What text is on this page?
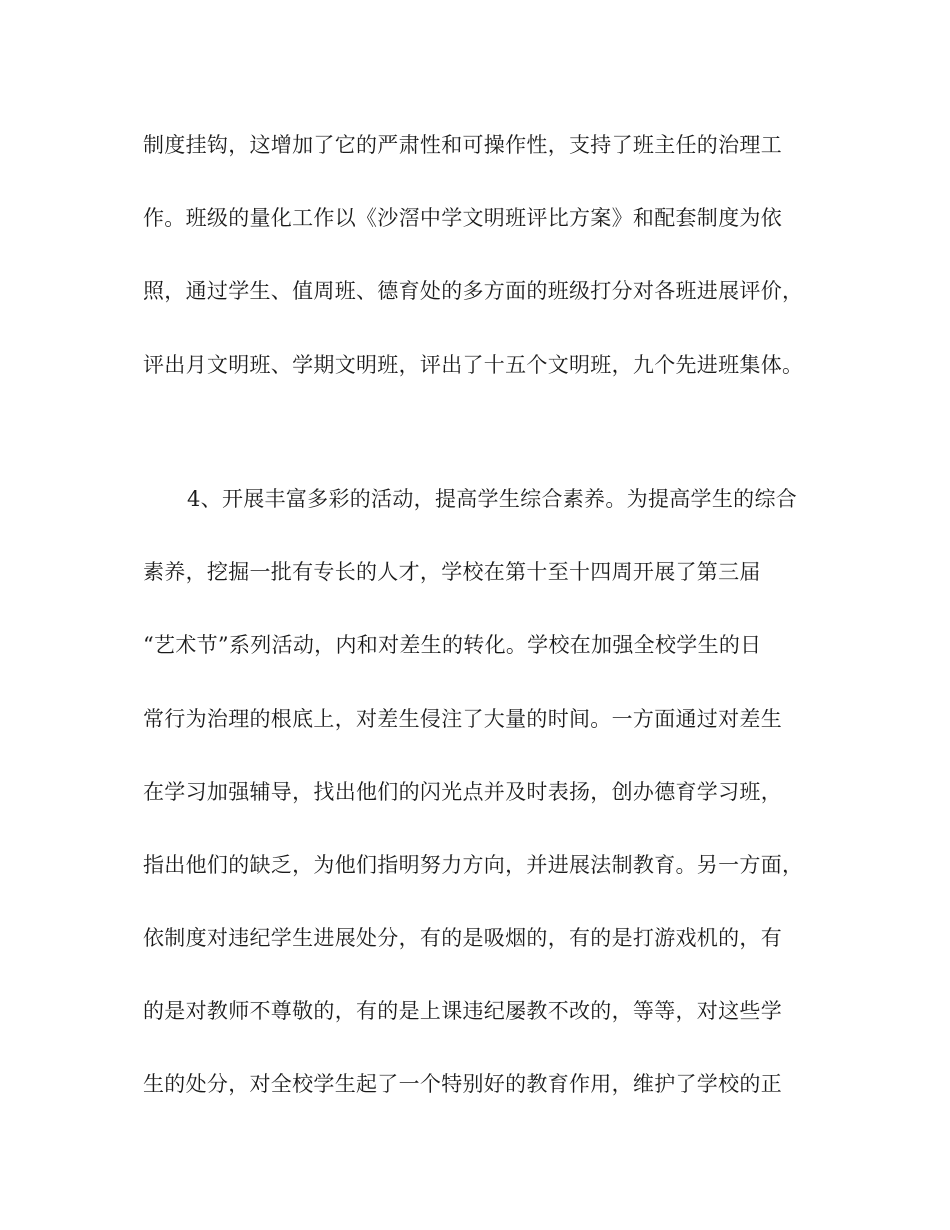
制度挂钩，这增加了它的严肃性和可操作性，支持了班主任的治理工
作。班级的量化工作以《沙滘中学文明班评比方案》和配套制度为依
照，通过学生、值周班、德育处的多方面的班级打分对各班进展评价，
评出月文明班、学期文明班，评出了十五个文明班，九个先进班集体。
4、开展丰富多彩的活动，提高学生综合素养。为提高学生的综合
素养，挖掘一批有专长的人才，学校在第十至十四周开展了第三届
“艺术节”系列活动，内和对差生的转化。学校在加强全校学生的日
常行为治理的根底上，对差生侵注了大量的时间。一方面通过对差生
在学习加强辅导，找出他们的闪光点并及时表扬，创办德育学习班，
指出他们的缺乏，为他们指明努力方向，并进展法制教育。另一方面，
依制度对违纪学生进展处分，有的是吸烟的，有的是打游戏机的，有
的是对教师不尊敬的，有的是上课违纪屡教不改的，等等，对这些学
生的处分，对全校学生起了一个特别好的教育作用，维护了学校的正
